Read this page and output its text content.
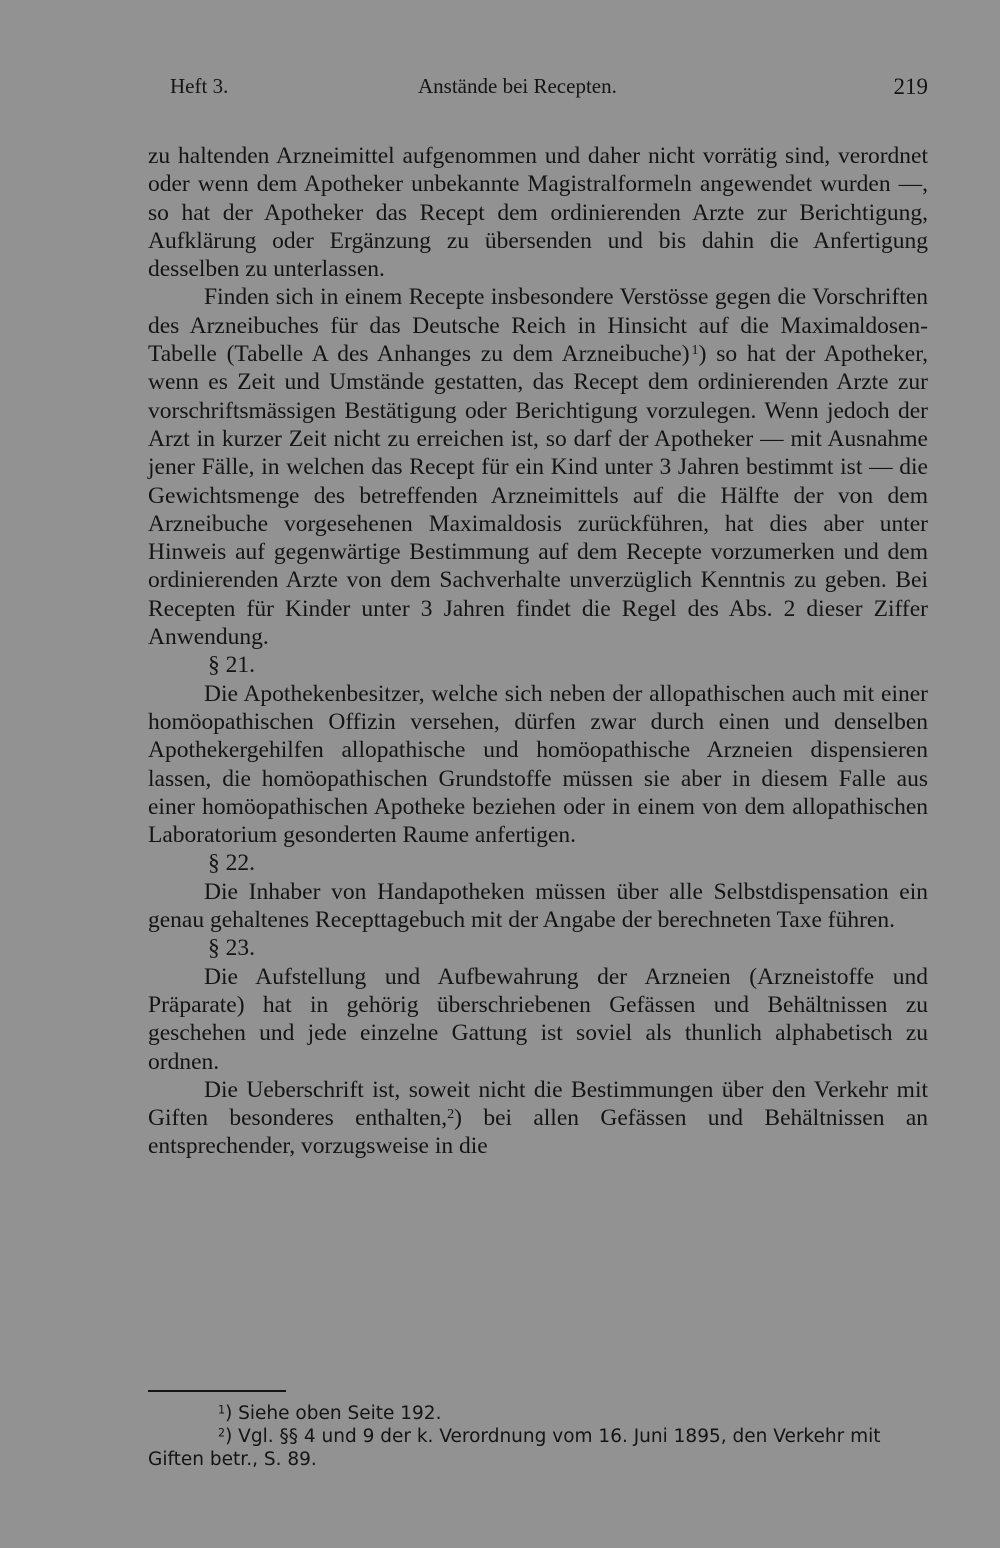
Heft 3.	Anstände bei Recepten.	219

zu haltenden Arzneimittel aufgenommen und daher nicht vorrätig sind, verordnet oder wenn dem Apotheker unbekannte Magistralformeln angewendet wurden —, so hat der Apotheker das Recept dem ordinierenden Arzte zur Berichtigung, Aufklärung oder Ergänzung zu übersenden und bis dahin die Anfertigung desselben zu unterlassen.

Finden sich in einem Recepte insbesondere Verstösse gegen die Vorschriften des Arzneibuches für das Deutsche Reich in Hinsicht auf die Maximaldosen-Tabelle (Tabelle A des Anhanges zu dem Arzneibuche)  $^1$) so hat der Apotheker, wenn es Zeit und Umstände gestatten, das Recept dem ordinierenden Arzte zur vorschriftsmässigen Bestätigung oder Berichtigung vorzulegen. Wenn jedoch der Arzt in kurzer Zeit nicht zu erreichen ist, so darf der Apotheker — mit Ausnahme jener Fälle, in welchen das Recept für ein Kind unter 3 Jahren bestimmt ist — die Gewichtsmenge des betreffenden Arzneimittels auf die Hälfte der von dem Arzneibuche vorgesehenen Maximaldosis zurückführen, hat dies aber unter Hinweis auf gegenwärtige Bestimmung auf dem Recepte vorzumerken und dem ordinierenden Arzte von dem Sachverhalte unverzüglich Kenntnis zu geben. Bei Recepten für Kinder unter 3 Jahren findet die Regel des Abs. 2 dieser Ziffer Anwendung.

§ 21.

Die Apothekenbesitzer, welche sich neben der allopathischen auch mit einer homöopathischen Offizin versehen, dürfen zwar durch einen und denselben Apothekergehilfen allopathische und homöopathische Arzneien dispensieren lassen, die homöopathischen Grundstoffe müssen sie aber in diesem Falle aus einer homöopathischen Apotheke beziehen oder in einem von dem allopathischen Laboratorium gesonderten Raume anfertigen.

§ 22.

Die Inhaber von Handapotheken müssen über alle Selbstdispensation ein genau gehaltenes Recepttagebuch mit der Angabe der berechneten Taxe führen.

§ 23.

Die Aufstellung und Aufbewahrung der Arzneien (Arzneistoffe und Präparate) hat in gehörig überschriebenen Gefässen und Behältnissen zu geschehen und jede einzelne Gattung ist soviel als thunlich alphabetisch zu ordnen.

Die Ueberschrift ist, soweit nicht die Bestimmungen über den Verkehr mit Giften besonderes enthalten,$^2$) bei allen Gefässen und Behältnissen an entsprechender, vorzugsweise in die

$^1$) Siehe oben Seite 192.

$^2$) Vgl. §§ 4 und 9 der k. Verordnung vom 16. Juni 1895, den Verkehr mit Giften betr., S. 89.
